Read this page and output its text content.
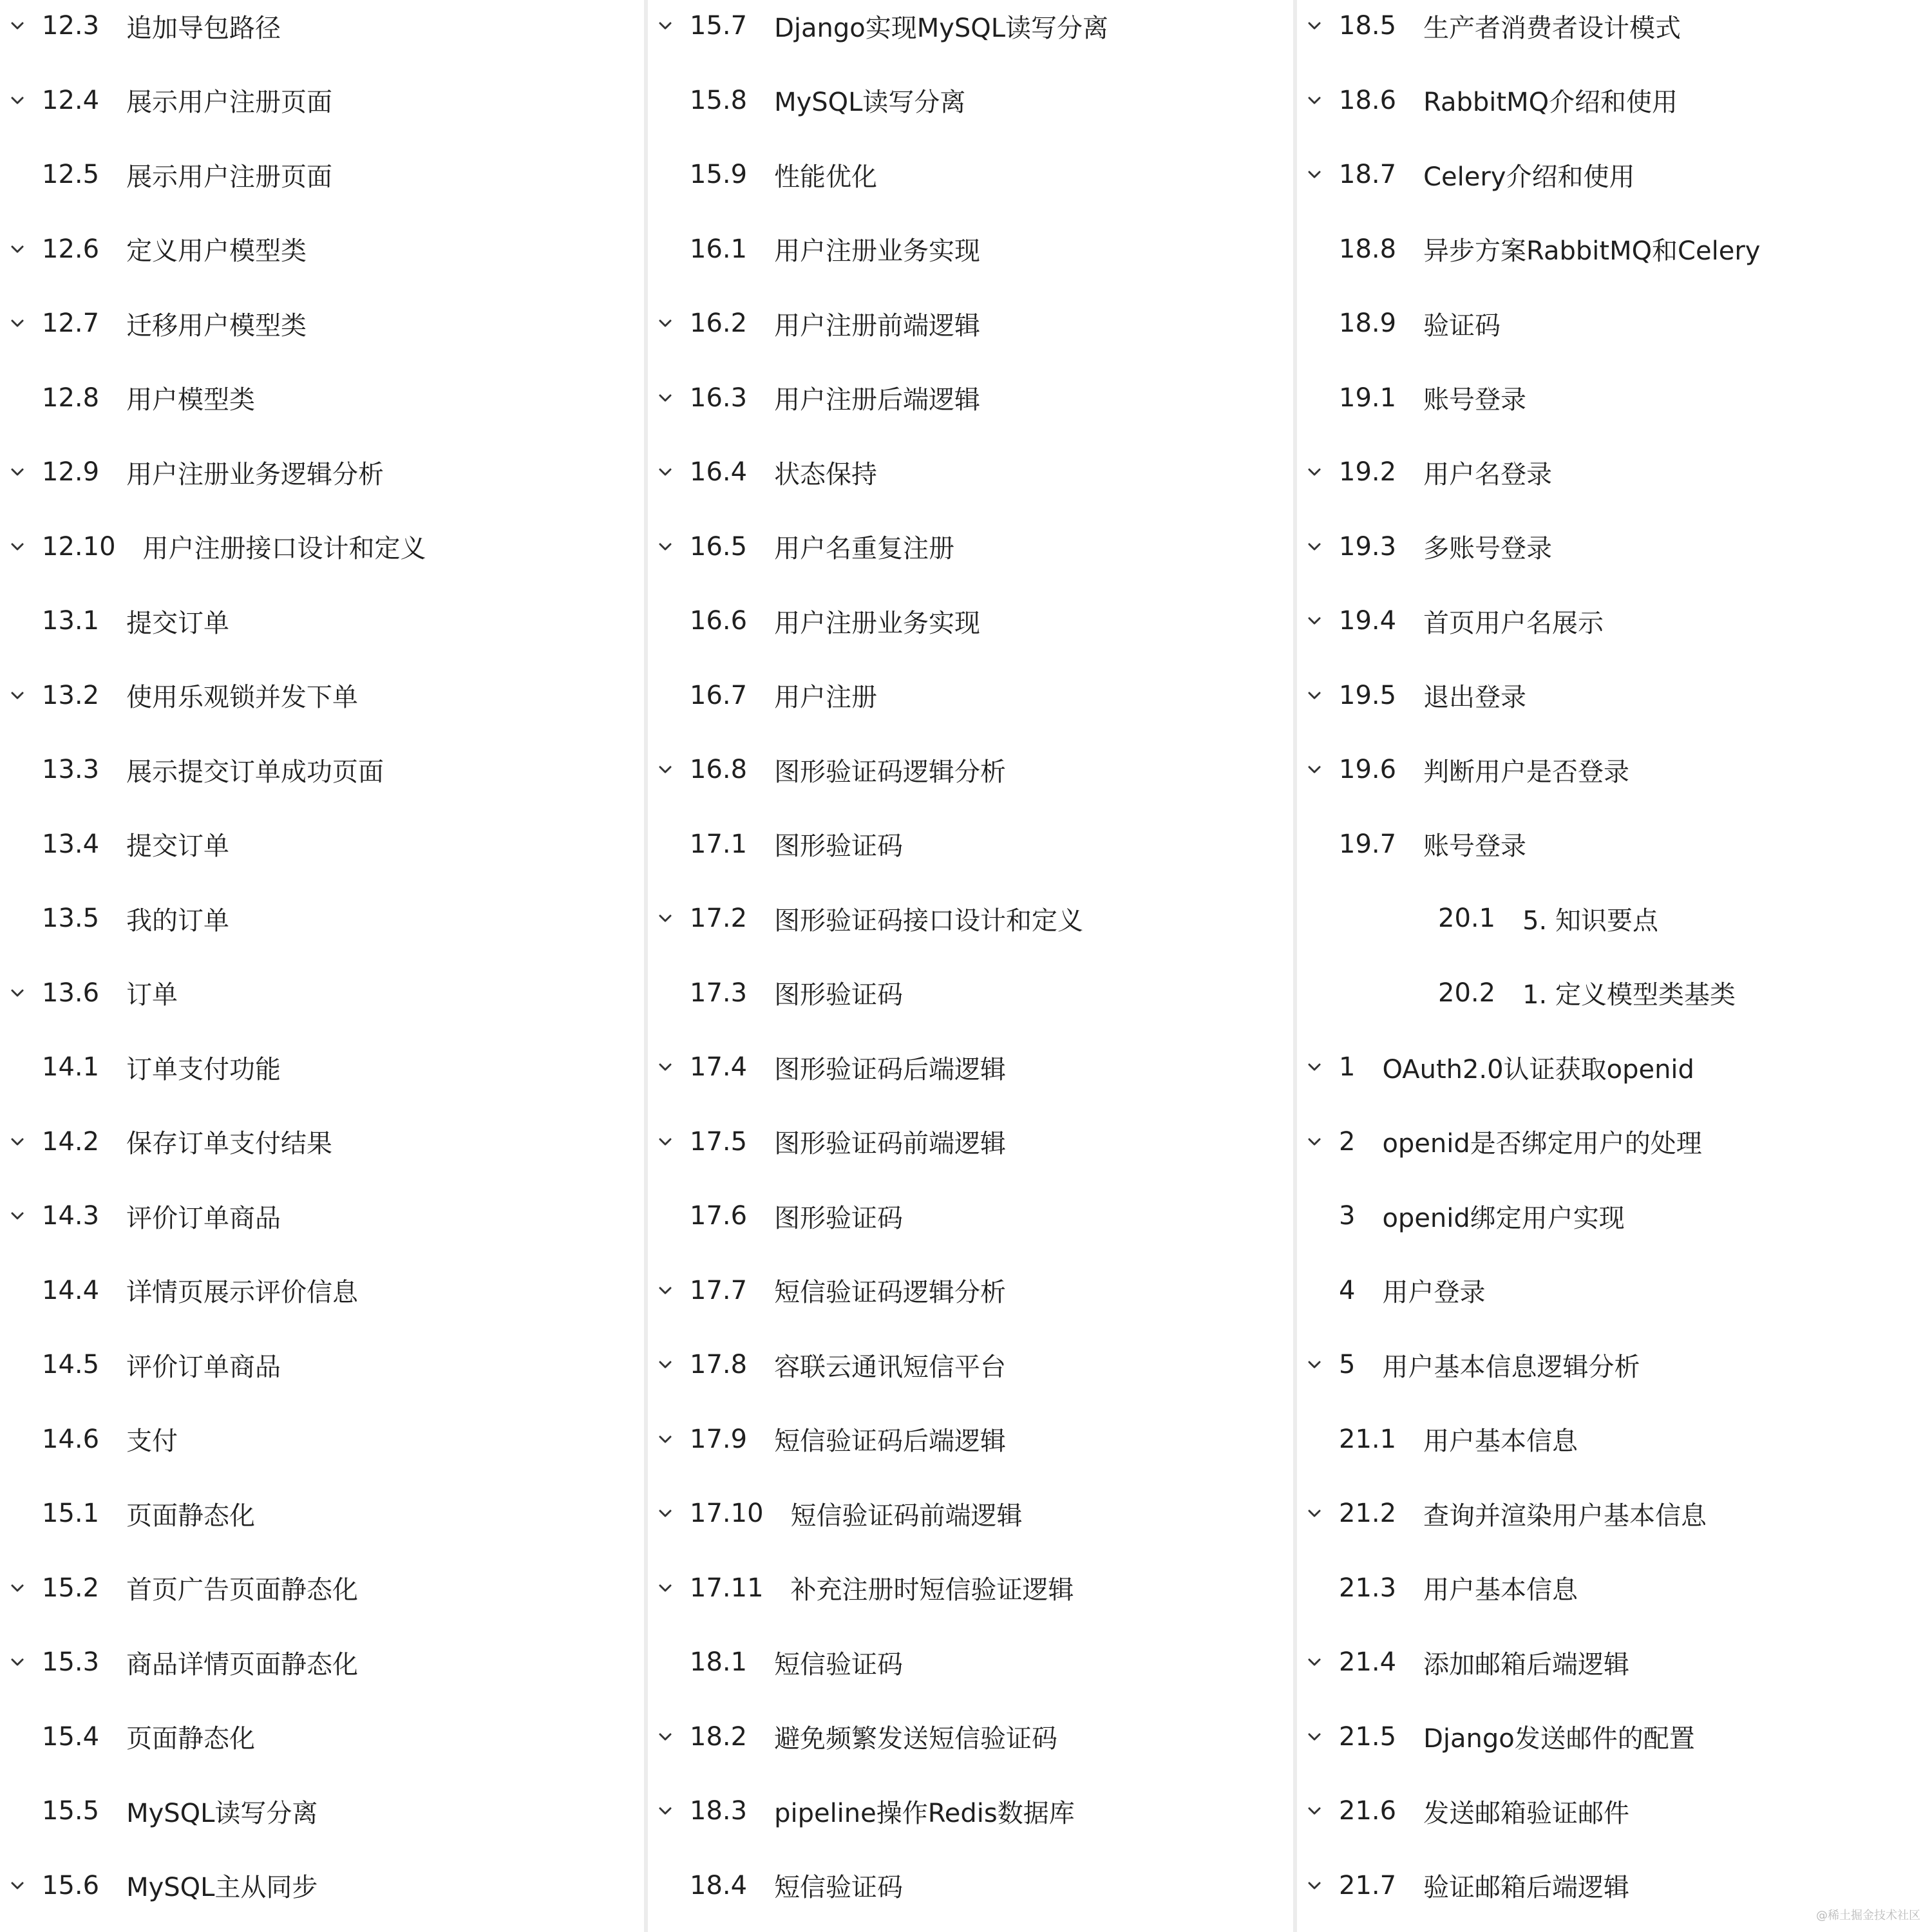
12.3 追加导包路径
12.4 展示用户注册页面
12.5 展示用户注册页面
12.6 定义用户模型类
12.7 迁移用户模型类
12.8 用户模型类
12.9 用户注册业务逻辑分析
12.10 用户注册接口设计和定义
13.1 提交订单
13.2 使用乐观锁并发下单
13.3 展示提交订单成功页面
13.4 提交订单
13.5 我的订单
13.6 订单
14.1 订单支付功能
14.2 保存订单支付结果
14.3 评价订单商品
14.4 详情页展示评价信息
14.5 评价订单商品
14.6 支付
15.1 页面静态化
15.2 首页广告页面静态化
15.3 商品详情页面静态化
15.4 页面静态化
15.5 MySQL读写分离
15.6 MySQL主从同步
15.7 Django实现MySQL读写分离
15.8 MySQL读写分离
15.9 性能优化
16.1 用户注册业务实现
16.2 用户注册前端逻辑
16.3 用户注册后端逻辑
16.4 状态保持
16.5 用户名重复注册
16.6 用户注册业务实现
16.7 用户注册
16.8 图形验证码逻辑分析
17.1 图形验证码
17.2 图形验证码接口设计和定义
17.3 图形验证码
17.4 图形验证码后端逻辑
17.5 图形验证码前端逻辑
17.6 图形验证码
17.7 短信验证码逻辑分析
17.8 容联云通讯短信平台
17.9 短信验证码后端逻辑
17.10 短信验证码前端逻辑
17.11 补充注册时短信验证逻辑
18.1 短信验证码
18.2 避免频繁发送短信验证码
18.3 pipeline操作Redis数据库
18.4 短信验证码
18.5 生产者消费者设计模式
18.6 RabbitMQ介绍和使用
18.7 Celery介绍和使用
18.8 异步方案RabbitMQ和Celery
18.9 验证码
19.1 账号登录
19.2 用户名登录
19.3 多账号登录
19.4 首页用户名展示
19.5 退出登录
19.6 判断用户是否登录
19.7 账号登录
20.1 5. 知识要点
20.2 1. 定义模型类基类
1 OAuth2.0认证获取openid
2 openid是否绑定用户的处理
3 openid绑定用户实现
4 用户登录
5 用户基本信息逻辑分析
21.1 用户基本信息
21.2 查询并渲染用户基本信息
21.3 用户基本信息
21.4 添加邮箱后端逻辑
21.5 Django发送邮件的配置
21.6 发送邮箱验证邮件
21.7 验证邮箱后端逻辑
@稀土掘金技术社区
